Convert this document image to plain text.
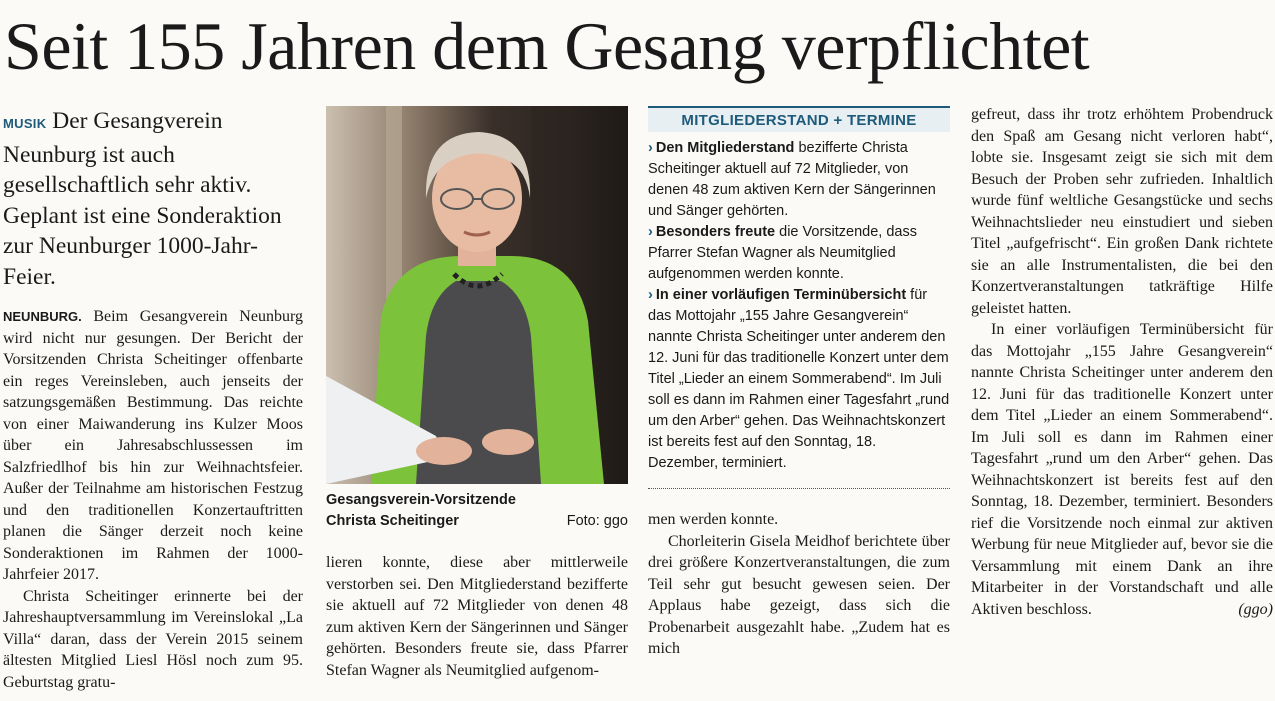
Seit 155 Jahren dem Gesang verpflichtet

MUSIK Der Gesangverein Neunburg ist auch gesellschaftlich sehr aktiv. Geplant ist eine Sonderaktion zur Neunburger 1000-Jahr-Feier.

NEUNBURG. Beim Gesangverein Neunburg wird nicht nur gesungen. Der Bericht der Vorsitzenden Christa Scheitinger offenbarte ein reges Vereinsleben, auch jenseits der satzungsgemäßen Bestimmung. Das reichte von einer Maiwanderung ins Kulzer Moos über ein Jahresabschlussessen im Salzfriedlhof bis hin zur Weihnachtsfeier. Außer der Teilnahme am historischen Festzug und den traditionellen Konzertauftritten planen die Sänger derzeit noch keine Sonderaktionen im Rahmen der 1000-Jahrfeier 2017.

Christa Scheitinger erinnerte bei der Jahreshauptversammlung im Vereinslokal „La Villa“ daran, dass der Verein 2015 seinem ältesten Mitglied Liesl Hösl noch zum 95. Geburtstag gratu-

Gesangsverein-Vorsitzende Christa Scheitinger	Foto: ggo

lieren konnte, diese aber mittlerweile verstorben sei. Den Mitgliederstand bezifferte sie aktuell auf 72 Mitglieder von denen 48 zum aktiven Kern der Sängerinnen und Sänger gehörten. Besonders freute sie, dass Pfarrer Stefan Wagner als Neumitglied aufgenom-

MITGLIEDERSTAND + TERMINE

› Den Mitgliederstand bezifferte Christa Scheitinger aktuell auf 72 Mitglieder, von denen 48 zum aktiven Kern der Sängerinnen und Sänger gehörten.

› Besonders freute die Vorsitzende, dass Pfarrer Stefan Wagner als Neumitglied aufgenommen werden konnte.

› In einer vorläufigen Terminübersicht für das Mottojahr „155 Jahre Gesangverein“ nannte Christa Scheitinger unter anderem den 12. Juni für das traditionelle Konzert unter dem Titel „Lieder an einem Sommerabend“. Im Juli soll es dann im Rahmen einer Tagesfahrt „rund um den Arber“ gehen. Das Weihnachtskonzert ist bereits fest auf den Sonntag, 18. Dezember, terminiert.

men werden konnte.

Chorleiterin Gisela Meidhof berichtete über drei größere Konzertveranstaltungen, die zum Teil sehr gut besucht gewesen seien. Der Applaus habe gezeigt, dass sich die Probenarbeit ausgezahlt habe. „Zudem hat es mich

gefreut, dass ihr trotz erhöhtem Probendruck den Spaß am Gesang nicht verloren habt“, lobte sie. Insgesamt zeigt sie sich mit dem Besuch der Proben sehr zufrieden. Inhaltlich wurde fünf weltliche Gesangstücke und sechs Weihnachtslieder neu einstudiert und sieben Titel „aufgefrischt“. Ein großen Dank richtete sie an alle Instrumentalisten, die bei den Konzertveranstaltungen tatkräftige Hilfe geleistet hatten.

In einer vorläufigen Terminübersicht für das Mottojahr „155 Jahre Gesangverein“ nannte Christa Scheitinger unter anderem den 12. Juni für das traditionelle Konzert unter dem Titel „Lieder an einem Sommerabend“. Im Juli soll es dann im Rahmen einer Tagesfahrt „rund um den Arber“ gehen. Das Weihnachtskonzert ist bereits fest auf den Sonntag, 18. Dezember, terminiert. Besonders rief die Vorsitzende noch einmal zur aktiven Werbung für neue Mitglieder auf, bevor sie die Versammlung mit einem Dank an ihre Mitarbeiter in der Vorstandschaft und alle Aktiven beschloss.	(ggo)
